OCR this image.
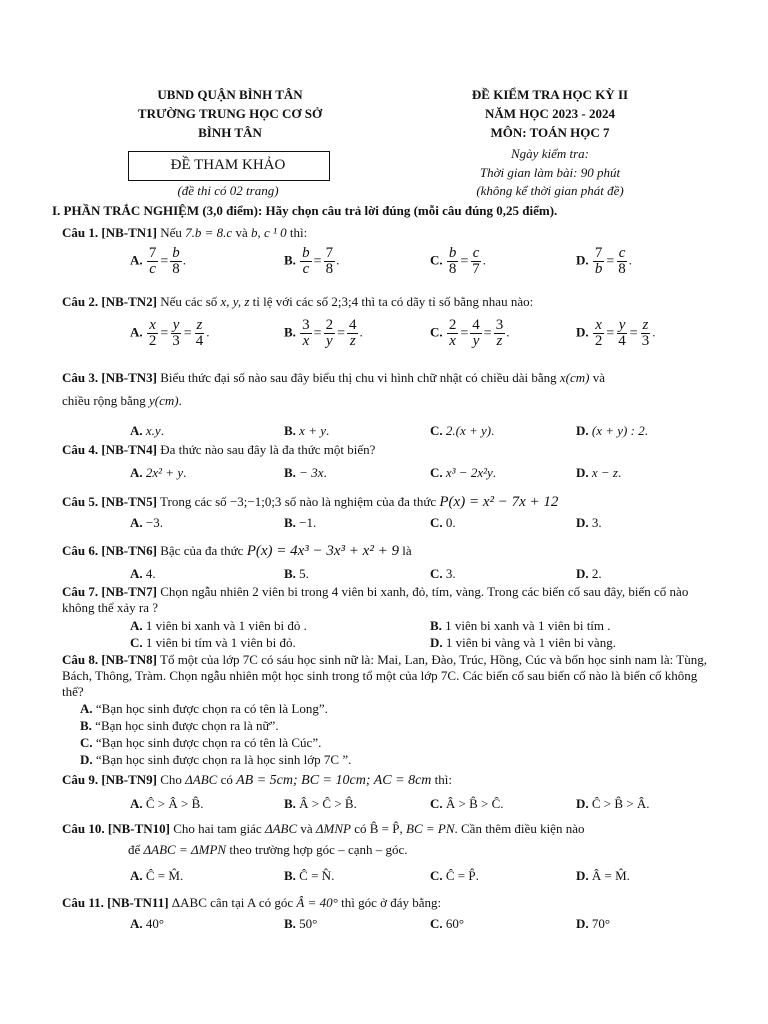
UBND QUẬN BÌNH TÂN
TRƯỜNG TRUNG HỌC CƠ SỞ
BÌNH TÂN
ĐỀ THAM KHẢO
(đề thi có 02 trang)
ĐỀ KIỂM TRA HỌC KỲ II
NĂM HỌC 2023 - 2024
MÔN: TOÁN HỌC 7
Ngày kiểm tra:
Thời gian làm bài: 90 phút
(không kể thời gian phát đề)
I. PHẦN TRẮC NGHIỆM (3,0 điểm): Hãy chọn câu trả lời đúng (mỗi câu đúng 0,25 điểm).
Câu 1. [NB-TN1] Nếu 7.b = 8.c và b, c ¹ 0 thì:
A. $\frac{7}{c} = \frac{b}{8}$ .	B. $\frac{b}{c} = \frac{7}{8}$ .	C. $\frac{b}{8} = \frac{c}{7}$ .	D. $\frac{7}{b} = \frac{c}{8}$ .
Câu 2. [NB-TN2] Nếu các số x, y, z tỉ lệ với các số 2;3;4 thì ta có dãy tỉ số bằng nhau nào:
A. $\frac{x}{2} = \frac{y}{3} = \frac{z}{4}$ .	B. $\frac{3}{x} = \frac{2}{y} = \frac{4}{z}$ .	C. $\frac{2}{x} = \frac{4}{y} = \frac{3}{z}$ .	D. $\frac{x}{2} = \frac{y}{4} = \frac{z}{3}$ .
Câu 3. [NB-TN3] Biểu thức đại số nào sau đây biểu thị chu vi hình chữ nhật có chiều dài bằng x(cm) và
chiều rộng bằng y(cm).
A. x.y.	B. x + y.	C. 2.(x + y).	D. (x + y) : 2.
Câu 4. [NB-TN4] Đa thức nào sau đây là đa thức một biến?
A. 2x² + y.	B. − 3x.	C. x³ − 2x²y.	D. x − z.
Câu 5. [NB-TN5] Trong các số −3;−1;0;3 số nào là nghiệm của đa thức P(x) = x² − 7x + 12
A. −3.	B. −1.	C. 0.	D. 3.
Câu 6. [NB-TN6] Bậc của đa thức P(x) = 4x³ − 3x³ + x² + 9 là
A. 4.	B. 5.	C. 3.	D. 2.
Câu 7. [NB-TN7] Chọn ngẫu nhiên 2 viên bi trong 4 viên bi xanh, đỏ, tím, vàng. Trong các biến cố sau đây, biến cố nào không thể xảy ra ?
A. 1 viên bi xanh và 1 viên bi đỏ .	B. 1 viên bi xanh và 1 viên bi tím .
C. 1 viên bi tím và 1 viên bi đỏ.	D. 1 viên bi vàng và 1 viên bi vàng.
Câu 8. [NB-TN8] Tổ một của lớp 7C có sáu học sinh nữ là: Mai, Lan, Đào, Trúc, Hồng, Cúc và bốn học sinh nam là: Tùng, Bách, Thông, Tràm. Chọn ngẫu nhiên một học sinh trong tổ một của lớp 7C. Các biến cố sau biến cố nào là biến cố không thể?
A. “Bạn học sinh được chọn ra có tên là Long”.
B. “Bạn học sinh được chọn ra là nữ”.
C. “Bạn học sinh được chọn ra có tên là Cúc”.
D. “Bạn học sinh được chọn ra là học sinh lớp 7C ”.
Câu 9. [NB-TN9] Cho ΔABC có AB = 5cm; BC = 10cm; AC = 8cm thì:
A. Ĉ > Â > B̂.	B. Â > Ĉ > B̂.	C. Â > B̂ > Ĉ.	D. Ĉ > B̂ > Â.
Câu 10. [NB-TN10] Cho hai tam giác ΔABC và ΔMNP có B̂ = P̂, BC = PN. Cần thêm điều kiện nào
để ΔABC = ΔMPN theo trường hợp góc – cạnh – góc.
A. Ĉ = M̂.	B. Ĉ = N̂.	C. Ĉ = P̂.	D. Â = M̂.
Câu 11. [NB-TN11] ΔABC cân tại A có góc Â = 40° thì góc ở đáy bằng:
A. 40°	B. 50°	C. 60°	D. 70°
